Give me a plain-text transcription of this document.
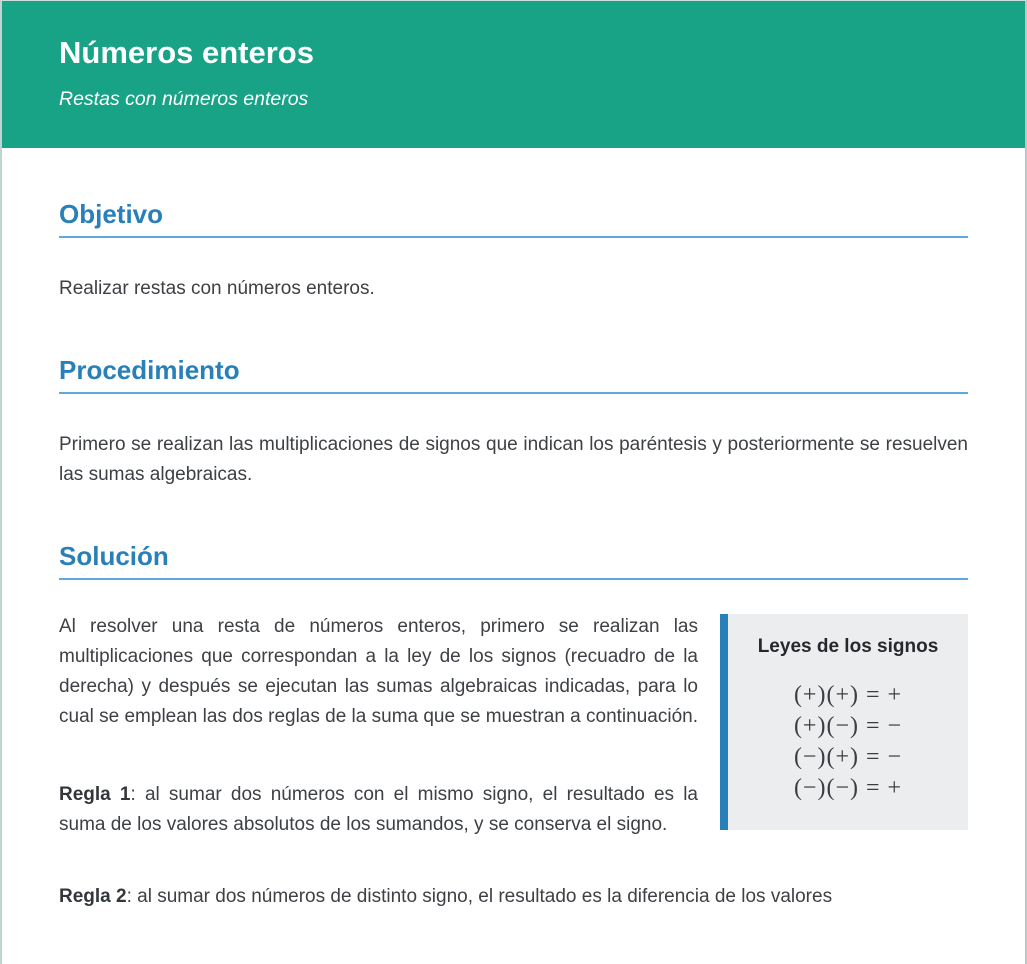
Números enteros

Restas con números enteros

Objetivo

Realizar restas con números enteros.

Procedimiento

Primero se realizan las multiplicaciones de signos que indican los paréntesis y posteriormente se resuelven las sumas algebraicas.

Solución

Al resolver una resta de números enteros, primero se realizan las multiplicaciones que correspondan a la ley de los signos (recuadro de la derecha) y después se ejecutan las sumas algebraicas indicadas, para lo cual se emplean las dos reglas de la suma que se muestran a continuación.

Regla 1: al sumar dos números con el mismo signo, el resultado es la suma de los valores absolutos de los sumandos, y se conserva el signo.

Leyes de los signos
(+)(+) = +
(+)(−) = −
(−)(+) = −
(−)(−) = +

Regla 2: al sumar dos números de distinto signo, el resultado es la diferencia de los valores
